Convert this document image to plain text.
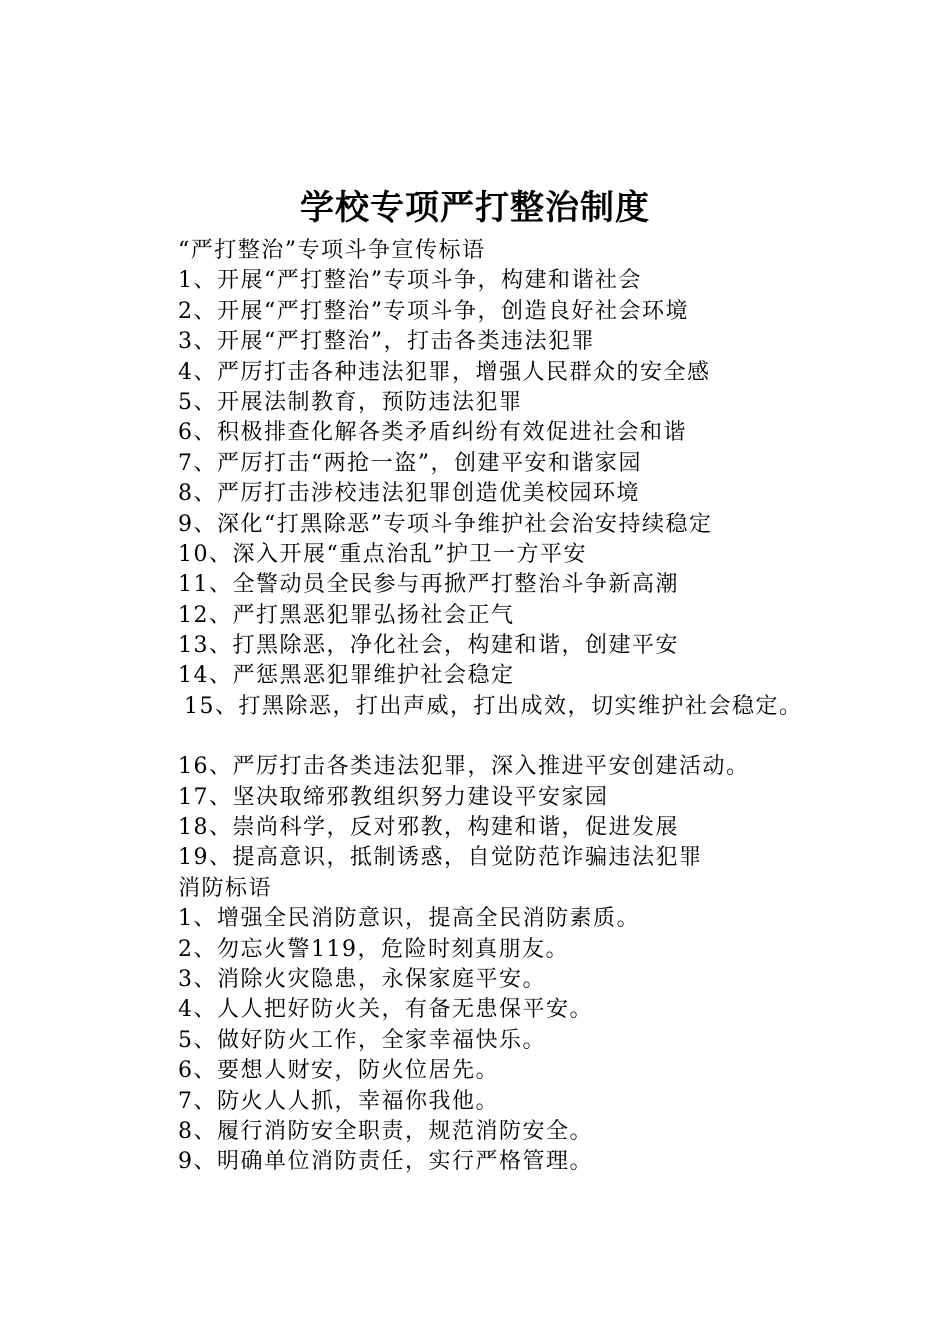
学校专项严打整治制度
“严打整治”专项斗争宣传标语
1、开展“严打整治”专项斗争，构建和谐社会
2、开展“严打整治”专项斗争，创造良好社会环境
3、开展“严打整治”，打击各类违法犯罪
4、严厉打击各种违法犯罪，增强人民群众的安全感
5、开展法制教育，预防违法犯罪
6、积极排查化解各类矛盾纠纷有效促进社会和谐
7、严厉打击“两抢一盗”，创建平安和谐家园
8、严厉打击涉校违法犯罪创造优美校园环境
9、深化“打黑除恶”专项斗争维护社会治安持续稳定
10、深入开展“重点治乱”护卫一方平安
11、全警动员全民参与再掀严打整治斗争新高潮
12、严打黑恶犯罪弘扬社会正气
13、打黑除恶，净化社会，构建和谐，创建平安
14、严惩黑恶犯罪维护社会稳定
15、打黑除恶，打出声威，打出成效，切实维护社会稳定。
16、严厉打击各类违法犯罪，深入推进平安创建活动。
17、坚决取缔邪教组织努力建设平安家园
18、崇尚科学，反对邪教，构建和谐，促进发展
19、提高意识，抵制诱惑，自觉防范诈骗违法犯罪
消防标语
1、增强全民消防意识，提高全民消防素质。
2、勿忘火警119，危险时刻真朋友。
3、消除火灾隐患，永保家庭平安。
4、人人把好防火关，有备无患保平安。
5、做好防火工作，全家幸福快乐。
6、要想人财安，防火位居先。
7、防火人人抓，幸福你我他。
8、履行消防安全职责，规范消防安全。
9、明确单位消防责任，实行严格管理。
